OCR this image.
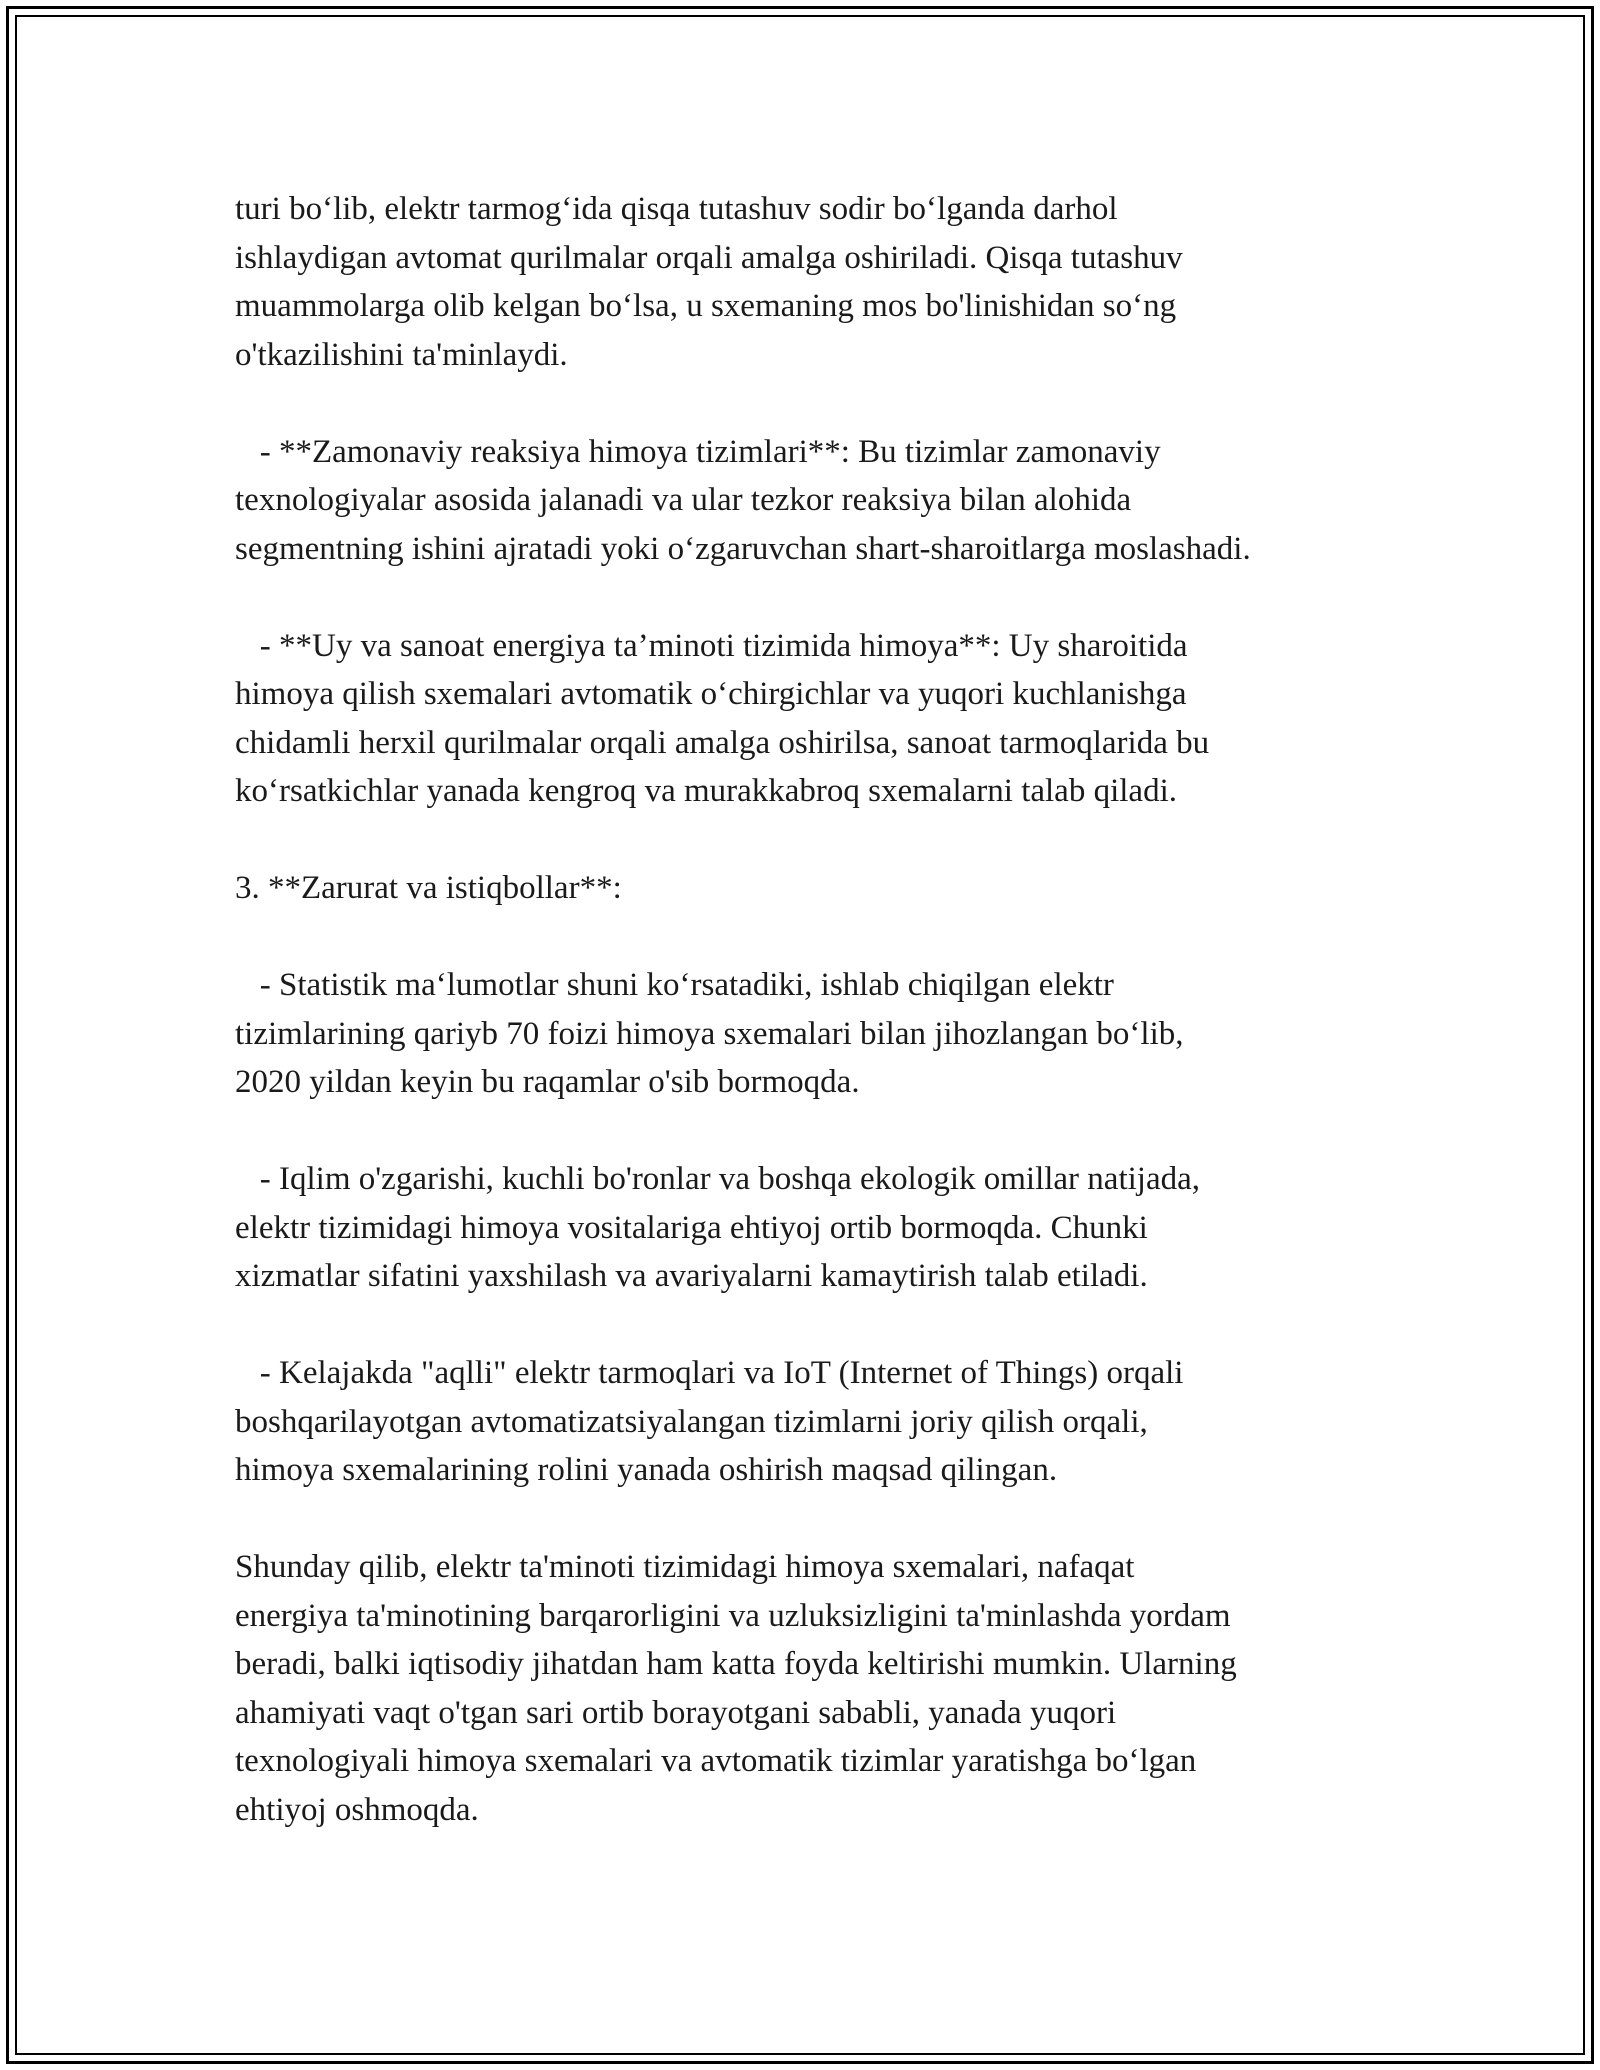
turi bo‘lib, elektr tarmog‘ida qisqa tutashuv sodir bo‘lganda darhol
ishlaydigan avtomat qurilmalar orqali amalga oshiriladi. Qisqa tutashuv
muammolarga olib kelgan bo‘lsa, u sxemaning mos bo'linishidan so‘ng
o'tkazilishini ta'minlaydi.

- **Zamonaviy reaksiya himoya tizimlari**: Bu tizimlar zamonaviy
texnologiyalar asosida jalanadi va ular tezkor reaksiya bilan alohida
segmentning ishini ajratadi yoki o‘zgaruvchan shart-sharoitlarga moslashadi.

- **Uy va sanoat energiya ta’minoti tizimida himoya**: Uy sharoitida
himoya qilish sxemalari avtomatik o‘chirgichlar va yuqori kuchlanishga
chidamli herxil qurilmalar orqali amalga oshirilsa, sanoat tarmoqlarida bu
ko‘rsatkichlar yanada kengroq va murakkabroq sxemalarni talab qiladi.

3. **Zarurat va istiqbollar**:

- Statistik ma‘lumotlar shuni ko‘rsatadiki, ishlab chiqilgan elektr
tizimlarining qariyb 70 foizi himoya sxemalari bilan jihozlangan bo‘lib,
2020 yildan keyin bu raqamlar o'sib bormoqda.

- Iqlim o'zgarishi, kuchli bo'ronlar va boshqa ekologik omillar natijada,
elektr tizimidagi himoya vositalariga ehtiyoj ortib bormoqda. Chunki
xizmatlar sifatini yaxshilash va avariyalarni kamaytirish talab etiladi.

- Kelajakda "aqlli" elektr tarmoqlari va IoT (Internet of Things) orqali
boshqarilayotgan avtomatizatsiyalangan tizimlarni joriy qilish orqali,
himoya sxemalarining rolini yanada oshirish maqsad qilingan.

Shunday qilib, elektr ta'minoti tizimidagi himoya sxemalari, nafaqat
energiya ta'minotining barqarorligini va uzluksizligini ta'minlashda yordam
beradi, balki iqtisodiy jihatdan ham katta foyda keltirishi mumkin. Ularning
ahamiyati vaqt o'tgan sari ortib borayotgani sababli, yanada yuqori
texnologiyali himoya sxemalari va avtomatik tizimlar yaratishga bo‘lgan
ehtiyoj oshmoqda.
